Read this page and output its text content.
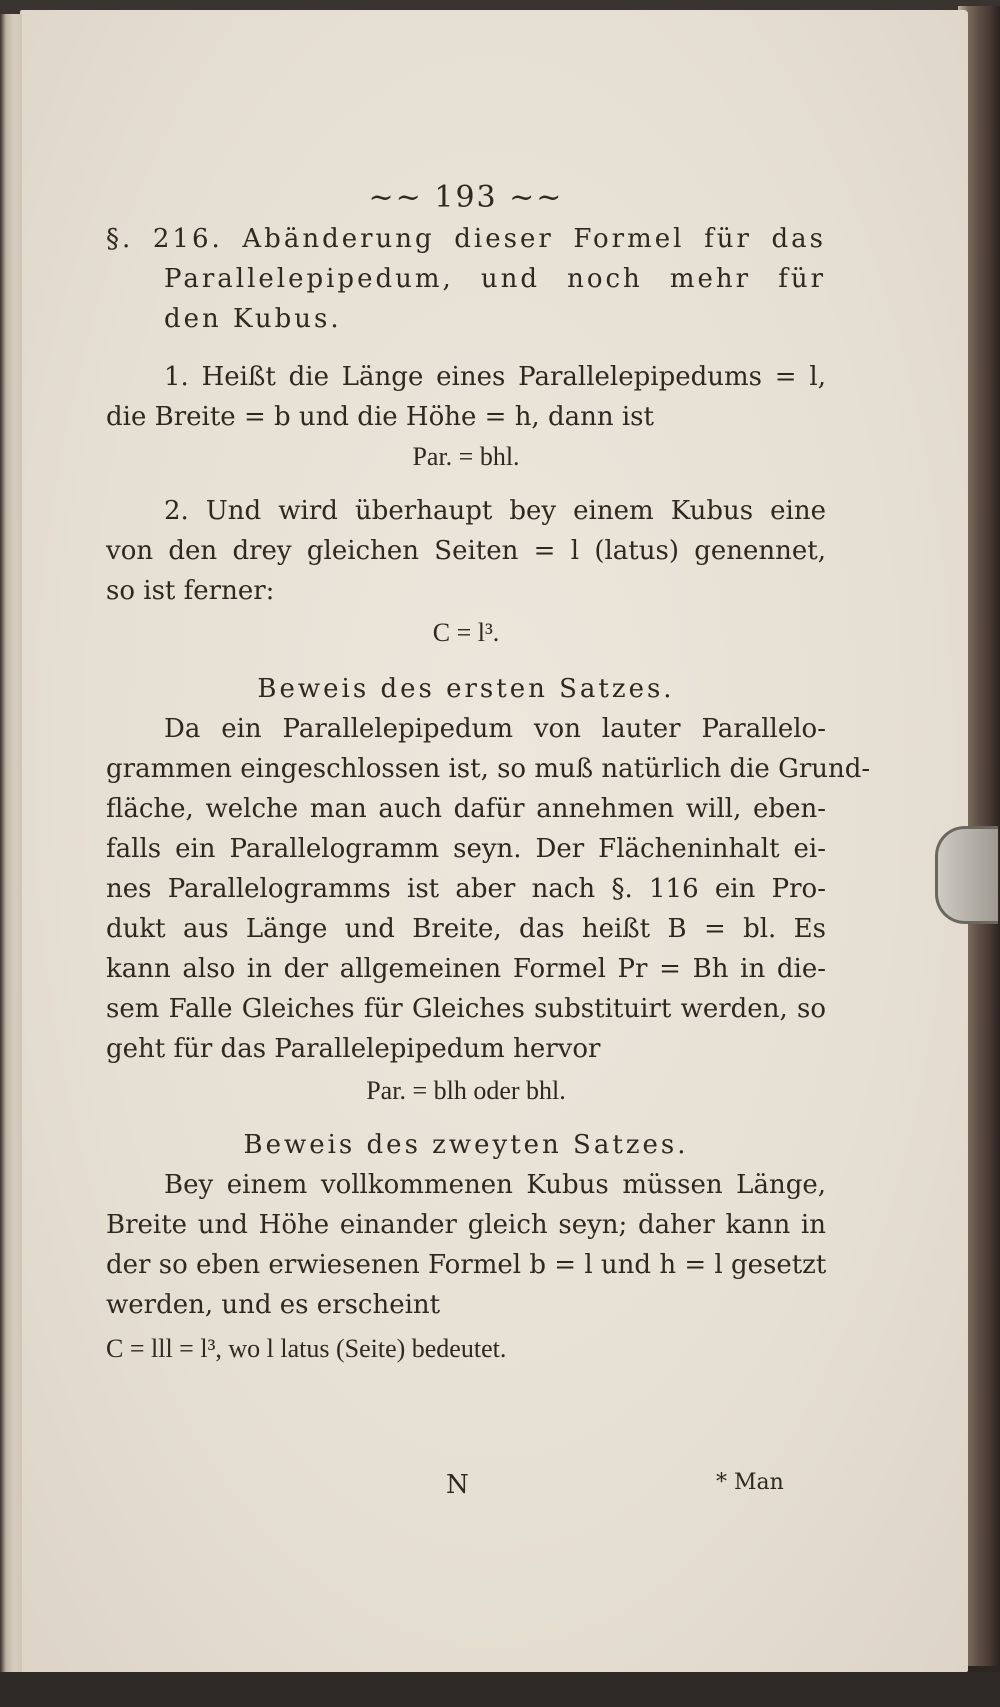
~~ 193 ~~
§. 216. Abänderung dieser Formel für das
Parallelepipedum, und noch mehr für
den Kubus.
1. Heißt die Länge eines Parallelepipedums = l,
die Breite = b und die Höhe = h, dann ist
Par. = bhl.
2. Und wird überhaupt bey einem Kubus eine
von den drey gleichen Seiten = l (latus) genennet,
so ist ferner:
C = l³.
Beweis des ersten Satzes.
Da ein Parallelepipedum von lauter Parallelo-
grammen eingeschlossen ist, so muß natürlich die Grund-
fläche, welche man auch dafür annehmen will, eben-
falls ein Parallelogramm seyn. Der Flächeninhalt ei-
nes Parallelogramms ist aber nach §. 116 ein Pro-
dukt aus Länge und Breite, das heißt B = bl. Es
kann also in der allgemeinen Formel Pr = Bh in die-
sem Falle Gleiches für Gleiches substituirt werden, so
geht für das Parallelepipedum hervor
Par. = blh oder bhl.
Beweis des zweyten Satzes.
Bey einem vollkommenen Kubus müssen Länge,
Breite und Höhe einander gleich seyn; daher kann in
der so eben erwiesenen Formel b = l und h = l gesetzt
werden, und es erscheint
C = lll = l³, wo l latus (Seite) bedeutet.
N	* Man
